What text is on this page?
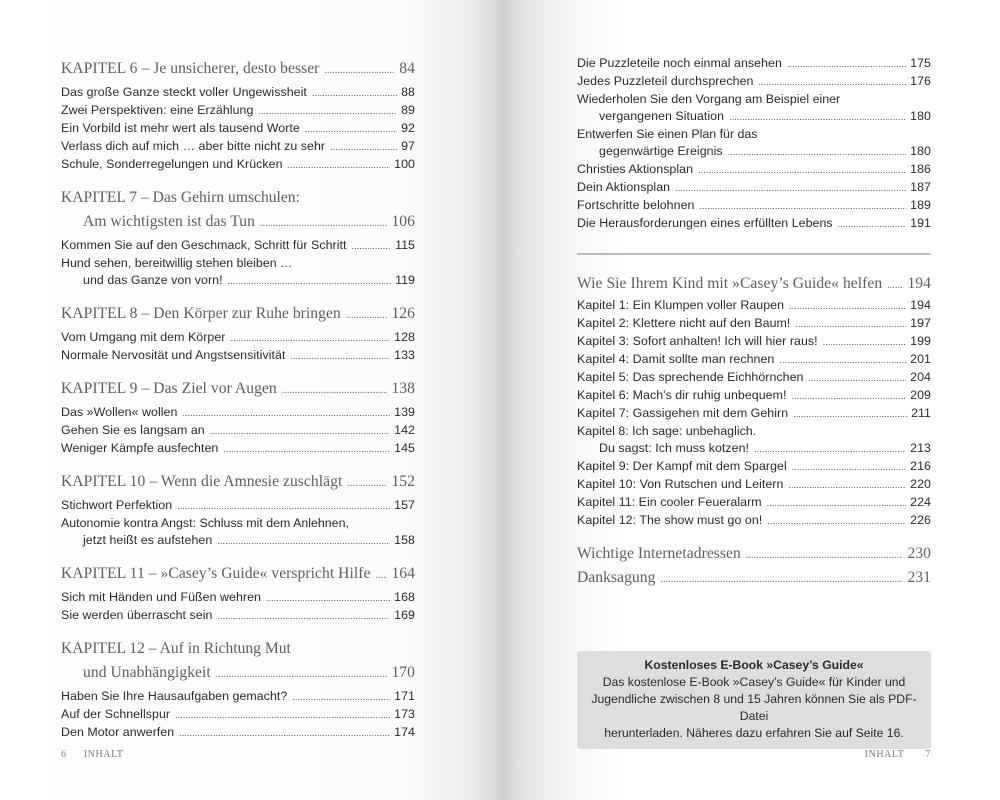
KAPITEL 6 – Je unsicherer, desto besser . . .	84
Das große Ganze steckt voller Ungewissheit . . .	88
Zwei Perspektiven: eine Erzählung . . .	89
Ein Vorbild ist mehr wert als tausend Worte . . .	92
Verlass dich auf mich … aber bitte nicht zu sehr . . .	97
Schule, Sonderregelungen und Krücken . . .	100
KAPITEL 7 – Das Gehirn umschulen:
Am wichtigsten ist das Tun . . .	106
Kommen Sie auf den Geschmack, Schritt für Schritt . . .	115
Hund sehen, bereitwillig stehen bleiben …
und das Ganze von vorn! . . .	119
KAPITEL 8 – Den Körper zur Ruhe bringen . . .	126
Vom Umgang mit dem Körper . . .	128
Normale Nervosität und Angstsensitivität . . .	133
KAPITEL 9 – Das Ziel vor Augen . . .	138
Das »Wollen« wollen . . .	139
Gehen Sie es langsam an . . .	142
Weniger Kämpfe ausfechten . . .	145
KAPITEL 10 – Wenn die Amnesie zuschlägt . . .	152
Stichwort Perfektion . . .	157
Autonomie kontra Angst: Schluss mit dem Anlehnen,
jetzt heißt es aufstehen . . .	158
KAPITEL 11 – »Casey’s Guide« verspricht Hilfe . . . 164
Sich mit Händen und Füßen wehren . . .	168
Sie werden überrascht sein . . .	169
KAPITEL 12 – Auf in Richtung Mut
und Unabhängigkeit . . .	170
Haben Sie Ihre Hausaufgaben gemacht? . . .	171
Auf der Schnellspur . . .	173
Den Motor anwerfen . . .	174
6 INHALT
Die Puzzleteile noch einmal ansehen . . .	175
Jedes Puzzleteil durchsprechen . . .	176
Wiederholen Sie den Vorgang am Beispiel einer
vergangenen Situation . . .	180
Entwerfen Sie einen Plan für das
gegenwärtige Ereignis . . .	180
Christies Aktionsplan . . .	186
Dein Aktionsplan . . .	187
Fortschritte belohnen . . .	189
Die Herausforderungen eines erfüllten Lebens . . .	191
Wie Sie Ihrem Kind mit »Casey’s Guide« helfen . . . 194
Kapitel 1: Ein Klumpen voller Raupen . . .	194
Kapitel 2: Klettere nicht auf den Baum! . . .	197
Kapitel 3: Sofort anhalten! Ich will hier raus! . . .	199
Kapitel 4: Damit sollte man rechnen . . .	201
Kapitel 5: Das sprechende Eichhörnchen . . .	204
Kapitel 6: Mach's dir ruhig unbequem! . . .	209
Kapitel 7: Gassigehen mit dem Gehirn . . .	211
Kapitel 8: Ich sage: unbehaglich.
Du sagst: Ich muss kotzen! . . .	213
Kapitel 9: Der Kampf mit dem Spargel . . .	216
Kapitel 10: Von Rutschen und Leitern . . .	220
Kapitel 11: Ein cooler Feueralarm . . .	224
Kapitel 12: The show must go on! . . .	226
Wichtige Internetadressen . . .	230
Danksagung . . .	231
Kostenloses E-Book »Casey’s Guide«
Das kostenlose E-Book »Casey’s Guide« für Kinder und
Jugendliche zwischen 8 und 15 Jahren können Sie als PDF-Datei
herunterladen. Näheres dazu erfahren Sie auf Seite 16.
INHALT 7
